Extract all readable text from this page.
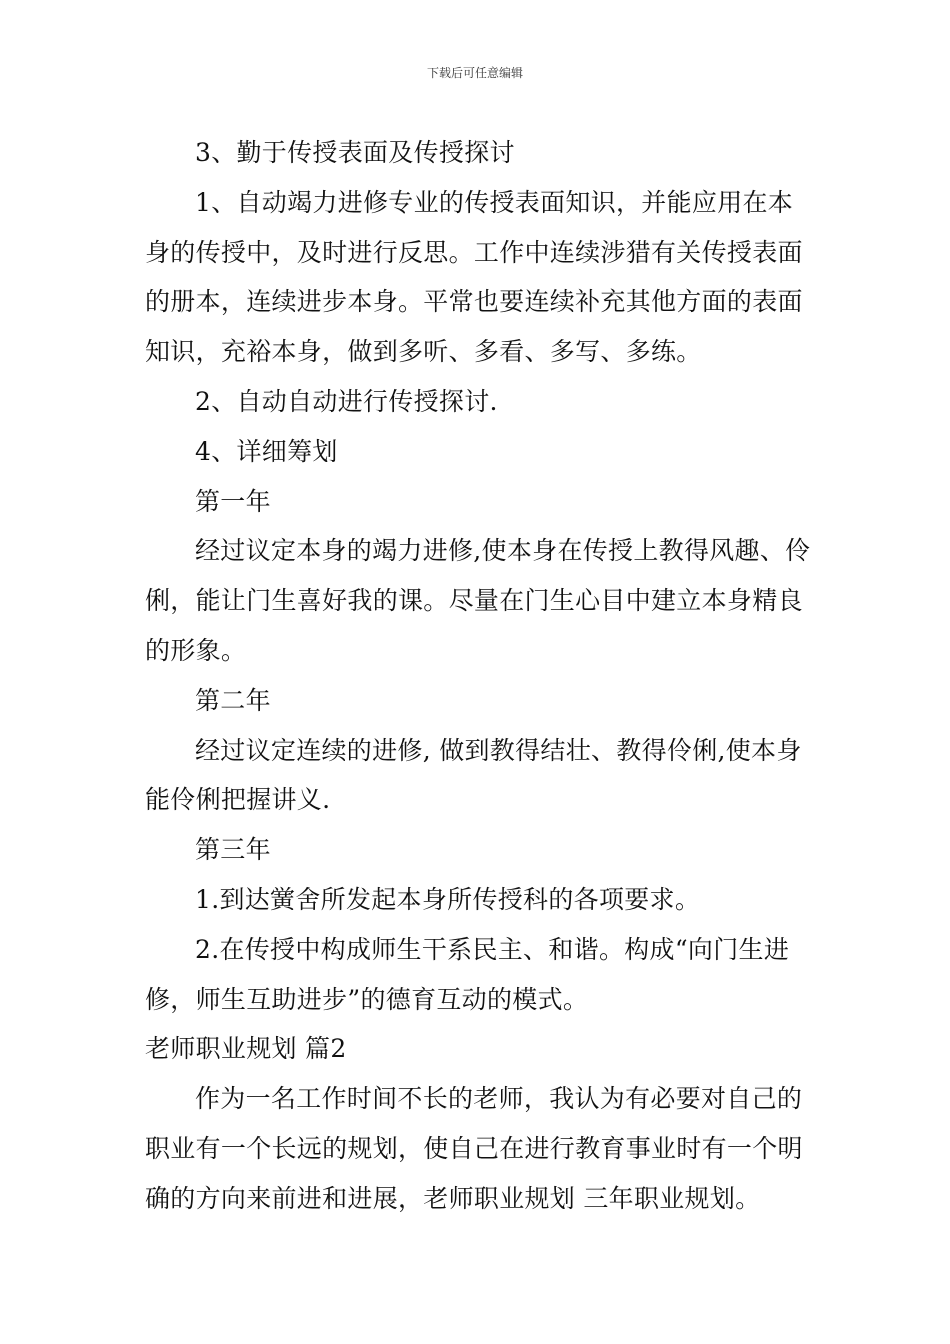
下载后可任意编辑

3、勤于传授表面及传授探讨

1、自动竭力进修专业的传授表面知识，并能应用在本身的传授中，及时进行反思。工作中连续涉猎有关传授表面的册本，连续进步本身。平常也要连续补充其他方面的表面知识，充裕本身，做到多听、多看、多写、多练。

2、自动自动进行传授探讨.

4、详细筹划

第一年

经过议定本身的竭力进修,使本身在传授上教得风趣、伶俐，能让门生喜好我的课。尽量在门生心目中建立本身精良的形象。

第二年

经过议定连续的进修, 做到教得结壮、教得伶俐,使本身能伶俐把握讲义.

第三年

1.到达黉舍所发起本身所传授科的各项要求。

2.在传授中构成师生干系民主、和谐。构成“向门生进修，师生互助进步”的德育互动的模式。

老师职业规划 篇2

作为一名工作时间不长的老师，我认为有必要对自己的职业有一个长远的规划，使自己在进行教育事业时有一个明确的方向来前进和进展，老师职业规划 三年职业规划。
